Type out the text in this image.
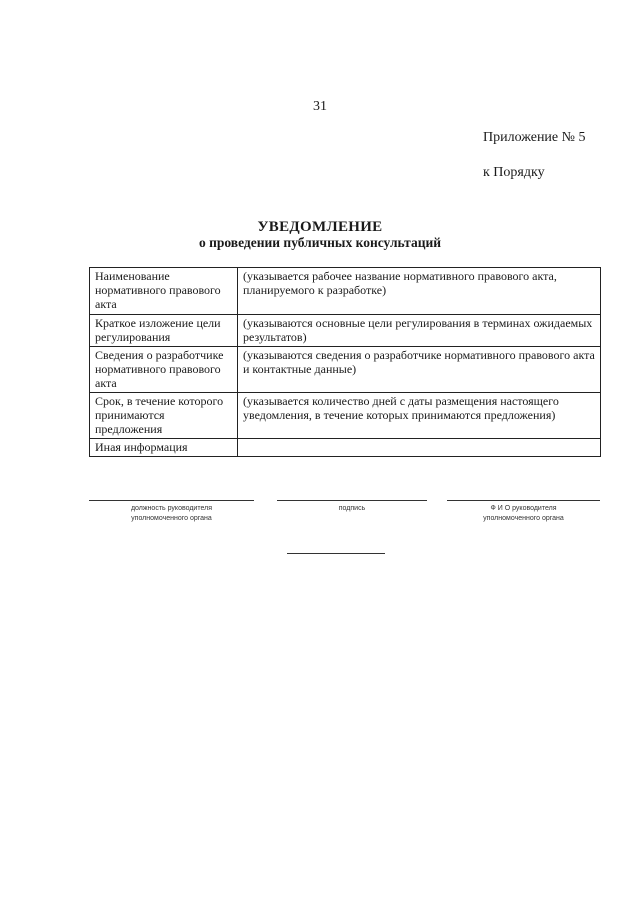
31
Приложение № 5
к Порядку
УВЕДОМЛЕНИЕ
о проведении публичных консультаций
Наименование нормативного правового акта	(указывается рабочее название нормативного правового акта, планируемого к разработке)
Краткое изложение цели регулирования	(указываются основные цели регулирования в терминах ожидаемых результатов)
Сведения о разработчике нормативного правового акта	(указываются сведения о разработчике нормативного правового акта и контактные данные)
Срок, в течение которого принимаются предложения	(указывается количество дней с даты размещения настоящего уведомления, в течение которых принимаются предложения)
Иная информация	
должность руководителя
уполномоченного органа
подпись	Ф И О руководителя
уполномоченного органа
